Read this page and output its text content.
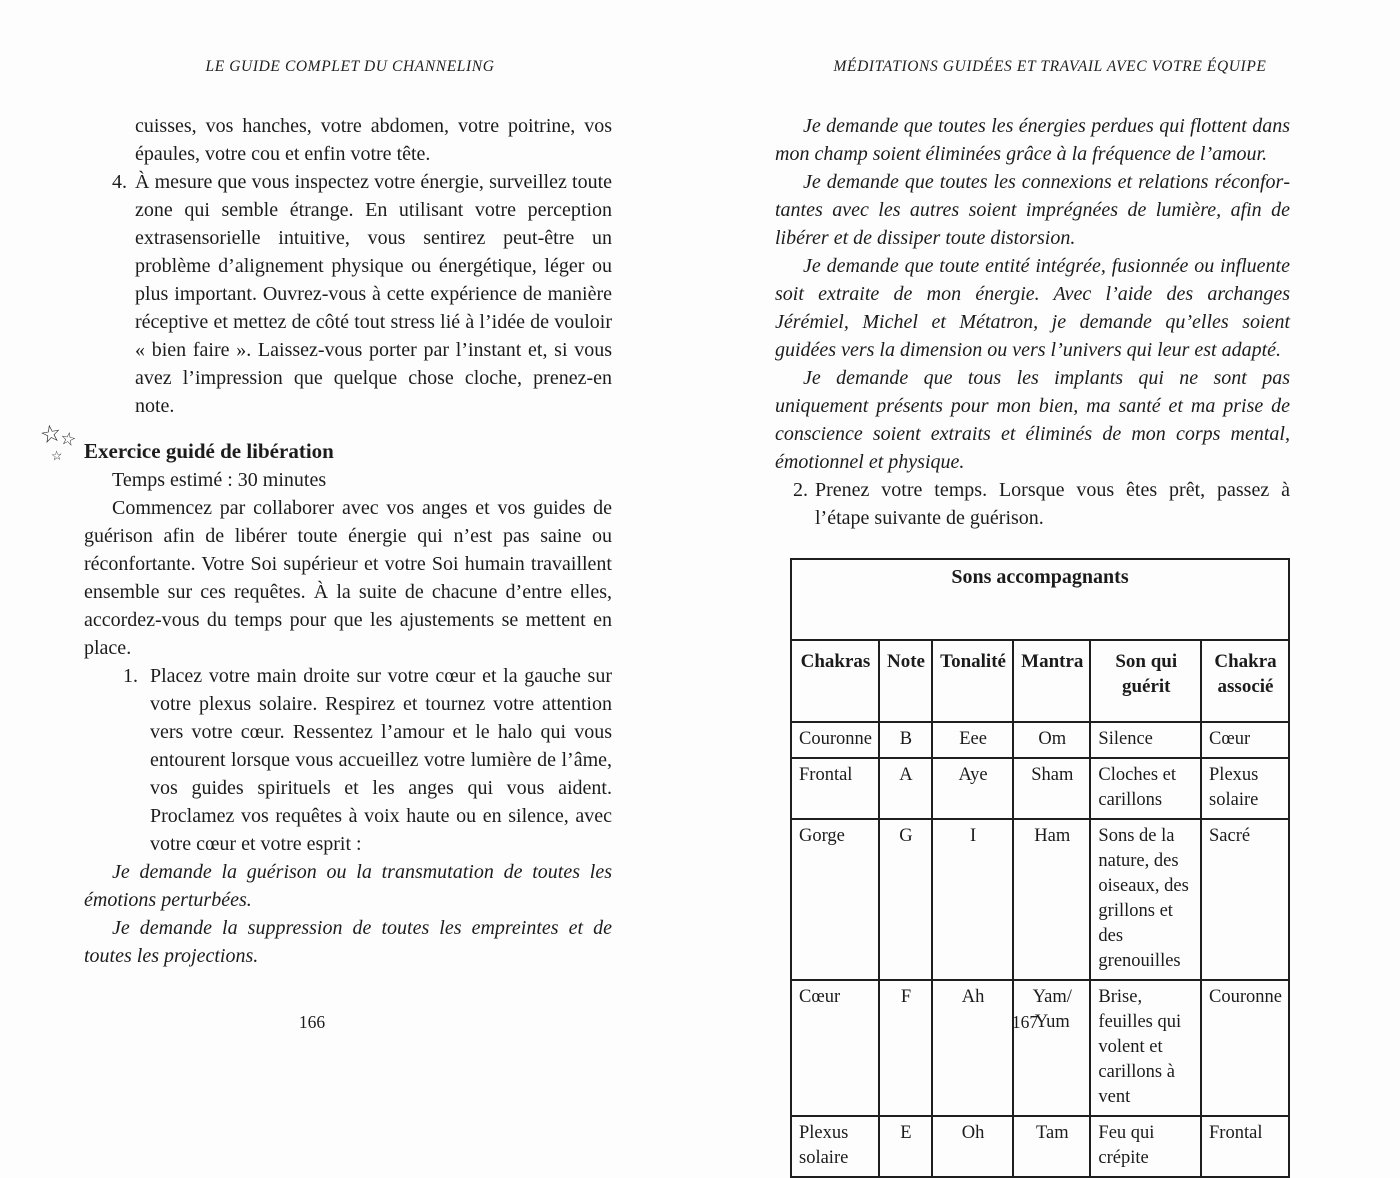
LE GUIDE COMPLET DU CHANNELING
cuisses, vos hanches, votre abdomen, votre poitrine, vos épaules, votre cou et enfin votre tête.
4. À mesure que vous inspectez votre énergie, surveillez toute zone qui semble étrange. En utilisant votre perception extrasensorielle intuitive, vous sentirez peut-être un problème d’alignement physique ou énergétique, léger ou plus important. Ouvrez-vous à cette expérience de manière réceptive et mettez de côté tout stress lié à l’idée de vouloir « bien faire ». Laissez-vous porter par l’instant et, si vous avez l’impression que quelque chose cloche, prenez-en note.
☆
☆
☆ Exercice guidé de libération

Temps estimé : 30 minutes

Commencez par collaborer avec vos anges et vos guides de guérison afin de libérer toute énergie qui n’est pas saine ou réconfortante. Votre Soi supérieur et votre Soi humain travaillent ensemble sur ces requêtes. À la suite de chacune d’entre elles, accordez-vous du temps pour que les ajustements se mettent en place.

1. Placez votre main droite sur votre cœur et la gauche sur votre plexus solaire. Respirez et tournez votre attention vers votre cœur. Ressentez l’amour et le halo qui vous entourent lorsque vous accueillez votre lumière de l’âme, vos guides spirituels et les anges qui vous aident. Proclamez vos requêtes à voix haute ou en silence, avec votre cœur et votre esprit :

Je demande la guérison ou la transmutation de toutes les émotions perturbées.

Je demande la suppression de toutes les empreintes et de toutes les projections.

166
MÉDITATIONS GUIDÉES ET TRAVAIL AVEC VOTRE ÉQUIPE

Je demande que toutes les énergies perdues qui flottent dans mon champ soient éliminées grâce à la fréquence de l’amour.

Je demande que toutes les connexions et relations réconfortantes avec les autres soient imprégnées de lumière, afin de libérer et de dissiper toute distorsion.

Je demande que toute entité intégrée, fusionnée ou influente soit extraite de mon énergie. Avec l’aide des archanges Jérémiel, Michel et Métatron, je demande qu’elles soient guidées vers la dimension ou vers l’univers qui leur est adapté.

Je demande que tous les implants qui ne sont pas uniquement présents pour mon bien, ma santé et ma prise de conscience soient extraits et éliminés de mon corps mental, émotionnel et physique.

2. Prenez votre temps. Lorsque vous êtes prêt, passez à l’étape suivante de guérison.
Sons accompagnants					
Chakras	Note	Tonalité	Mantra	Son qui guérit	Chakra associé
Couronne	B	Eee	Om	Silence	Cœur
Frontal	A	Aye	Sham	Cloches et carillons	Plexus solaire
Gorge	G	I	Ham	Sons de la nature, des oiseaux, des grillons et des grenouilles	Sacré
Cœur	F	Ah	Yam/ Yum	Brise, feuilles qui volent et carillons à vent	Couronne
Plexus solaire	E	Oh	Tam	Feu qui crépite	Frontal
167
